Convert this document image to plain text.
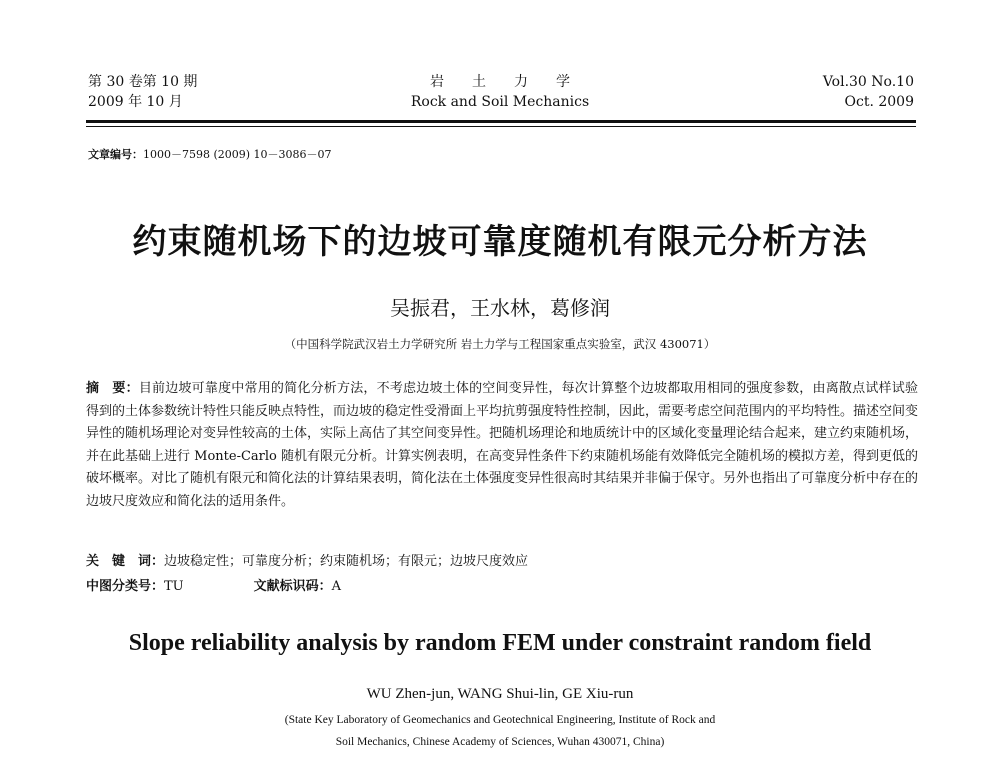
第 30 卷第 10 期
2009 年 10 月
岩土力学
Rock and Soil Mechanics
Vol.30 No.10
Oct. 2009
文章编号：1000－7598 (2009) 10－3086－07
约束随机场下的边坡可靠度随机有限元分析方法
吴振君，王水林，葛修润
（中国科学院武汉岩土力学研究所 岩土力学与工程国家重点实验室，武汉 430071）
摘　要：目前边坡可靠度中常用的简化分析方法，不考虑边坡土体的空间变异性，每次计算整个边坡都取用相同的强度参数，由离散点试样试验得到的土体参数统计特性只能反映点特性，而边坡的稳定性受滑面上平均抗剪强度特性控制，因此，需要考虑空间范围内的平均特性。描述空间变异性的随机场理论对变异性较高的土体，实际上高估了其空间变异性。把随机场理论和地质统计中的区域化变量理论结合起来，建立约束随机场，并在此基础上进行 Monte-Carlo 随机有限元分析。计算实例表明，在高变异性条件下约束随机场能有效降低完全随机场的模拟方差，得到更低的破坏概率。对比了随机有限元和简化法的计算结果表明，简化法在土体强度变异性很高时其结果并非偏于保守。另外也指出了可靠度分析中存在的边坡尺度效应和简化法的适用条件。
关　键　词：边坡稳定性；可靠度分析；约束随机场；有限元；边坡尺度效应
中图分类号：TU	文献标识码：A
Slope reliability analysis by random FEM under constraint random field
WU Zhen-jun, WANG Shui-lin, GE Xiu-run
(State Key Laboratory of Geomechanics and Geotechnical Engineering, Institute of Rock and
Soil Mechanics, Chinese Academy of Sciences, Wuhan 430071, China)
